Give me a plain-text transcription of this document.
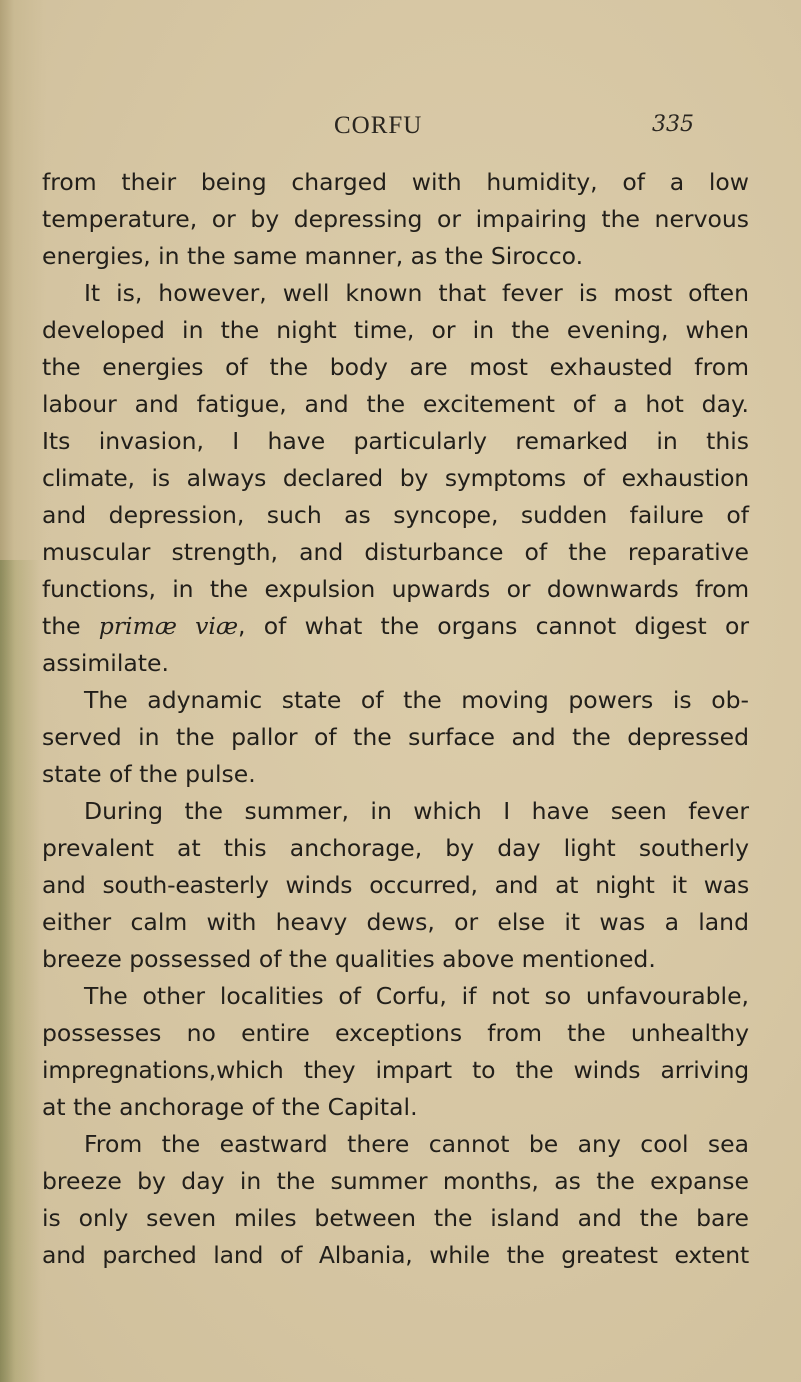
CORFU	335
from their being charged with humidity, of a low
temperature, or by depressing or impairing the nervous
energies, in the same manner, as the Sirocco.
It is, however, well known that fever is most often
developed in the night time, or in the evening, when
the energies of the body are most exhausted from
labour and fatigue, and the excitement of a hot day.
Its invasion, I have particularly remarked in this
climate, is always declared by symptoms of exhaustion
and depression, such as syncope, sudden failure of
muscular strength, and disturbance of the reparative
functions, in the expulsion upwards or downwards from
the primæ viæ, of what the organs cannot digest or
assimilate.
The adynamic state of the moving powers is ob-
served in the pallor of the surface and the depressed
state of the pulse.
During the summer, in which I have seen fever
prevalent at this anchorage, by day light southerly
and south-easterly winds occurred, and at night it was
either calm with heavy dews, or else it was a land
breeze possessed of the qualities above mentioned.
The other localities of Corfu, if not so unfavourable,
possesses no entire exceptions from the unhealthy
impregnations,which they impart to the winds arriving
at the anchorage of the Capital.
From the eastward there cannot be any cool sea
breeze by day in the summer months, as the expanse
is only seven miles between the island and the bare
and parched land of Albania, while the greatest extent
